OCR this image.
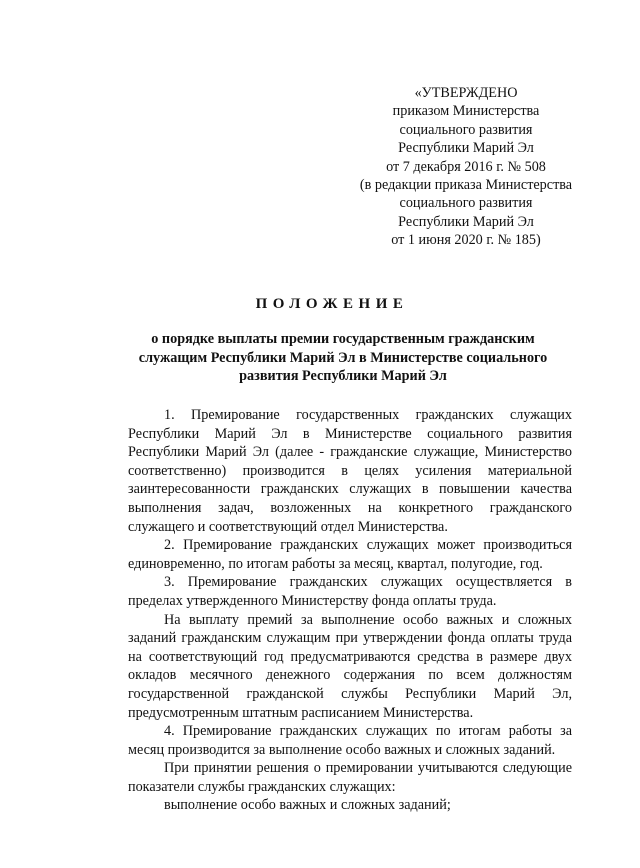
«УТВЕРЖДЕНО
приказом Министерства
социального развития
Республики Марий Эл
от 7 декабря 2016 г. № 508
(в редакции приказа Министерства
социального развития
Республики Марий Эл
от 1 июня 2020 г. № 185)
ПОЛОЖЕНИЕ
о порядке выплаты премии государственным гражданским
служащим Республики Марий Эл в Министерстве социального
развития Республики Марий Эл

1. Премирование государственных гражданских служащих Республики Марий Эл в Министерстве социального развития Республики Марий Эл (далее - гражданские служащие, Министерство соответственно) производится в целях усиления материальной заинтересованности гражданских служащих в повышении качества выполнения задач, возложенных на конкретного гражданского служащего и соответствующий отдел Министерства.

2. Премирование гражданских служащих может производиться единовременно, по итогам работы за месяц, квартал, полугодие, год.

3. Премирование гражданских служащих осуществляется в пределах утвержденного Министерству фонда оплаты труда.

На выплату премий за выполнение особо важных и сложных заданий гражданским служащим при утверждении фонда оплаты труда на соответствующий год предусматриваются средства в размере двух окладов месячного денежного содержания по всем должностям государственной гражданской службы Республики Марий Эл, предусмотренным штатным расписанием Министерства.

4. Премирование гражданских служащих по итогам работы за месяц производится за выполнение особо важных и сложных заданий.

При принятии решения о премировании учитываются следующие показатели службы гражданских служащих:

выполнение особо важных и сложных заданий;
